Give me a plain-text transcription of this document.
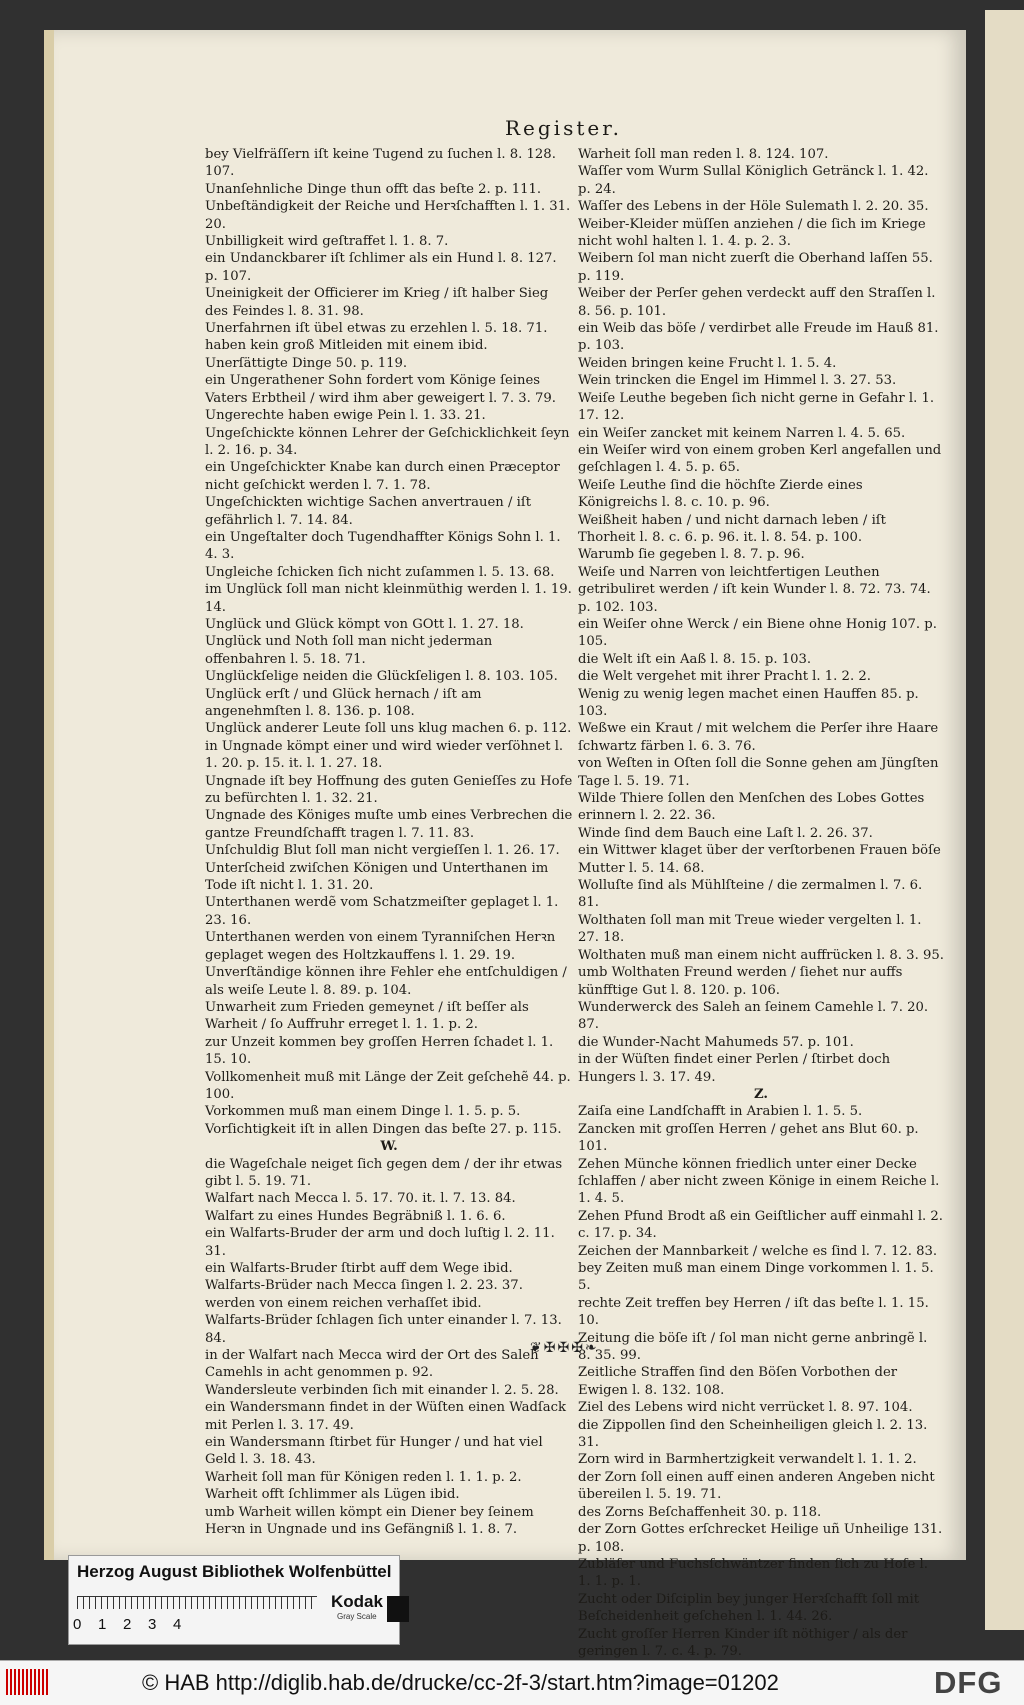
Register.
bey Vielfräſſern iſt keine Tugend zu ſuchen l. 8. 128. 107.
Unanſehnliche Dinge thun offt das beſte 2. p. 111.
Unbeſtändigkeit der Reiche und Herꝛſchafften l. 1. 31. 20.
Unbilligkeit wird geſtraffet l. 1. 8. 7.
ein Undanckbarer iſt ſchlimer als ein Hund l. 8. 127. p. 107.
Uneinigkeit der Officierer im Krieg / iſt halber Sieg des Feindes l. 8. 31. 98.
Unerfahrnen iſt übel etwas zu erzehlen l. 5. 18. 71.
haben kein groß Mitleiden mit einem ibid.
Unerſättigte Dinge 50. p. 119.
ein Ungerathener Sohn fordert vom Könige ſeines Vaters Erbtheil / wird ihm aber geweigert l. 7. 3. 79.
Ungerechte haben ewige Pein l. 1. 33. 21.
Ungeſchickte können Lehrer der Geſchicklichkeit ſeyn l. 2. 16. p. 34.
ein Ungeſchickter Knabe kan durch einen Præceptor nicht geſchickt werden l. 7. 1. 78.
Ungeſchickten wichtige Sachen anvertrauen / iſt gefährlich l. 7. 14. 84.
ein Ungeſtalter doch Tugendhaffter Königs Sohn l. 1. 4. 3.
Ungleiche ſchicken ſich nicht zuſammen l. 5. 13. 68.
im Unglück ſoll man nicht kleinmüthig werden l. 1. 19. 14.
Unglück und Glück kömpt von GOtt l. 1. 27. 18.
Unglück und Noth ſoll man nicht jederman offenbahren l. 5. 18. 71.
Unglückſelige neiden die Glückſeligen l. 8. 103. 105.
Unglück erſt / und Glück hernach / iſt am angenehmſten l. 8. 136. p. 108.
Unglück anderer Leute ſoll uns klug machen 6. p. 112.
in Ungnade kömpt einer und wird wieder verſöhnet l. 1. 20. p. 15. it. l. 1. 27. 18.
Ungnade iſt bey Hoffnung des guten Genieſſes zu Hofe zu befürchten l. 1. 32. 21.
Ungnade des Königes muſte umb eines Verbrechen die gantze Freundſchafft tragen l. 7. 11. 83.
Unſchuldig Blut ſoll man nicht vergieſſen l. 1. 26. 17.
Unterſcheid zwiſchen Königen und Unterthanen im Tode iſt nicht l. 1. 31. 20.
Unterthanen werdẽ vom Schatzmeiſter geplaget l. 1. 23. 16.
Unterthanen werden von einem Tyranniſchen Herꝛn geplaget wegen des Holtzkauffens l. 1. 29. 19.
Unverſtändige können ihre Fehler ehe entſchuldigen / als weiſe Leute l. 8. 89. p. 104.
Unwarheit zum Frieden gemeynet / iſt beſſer als Warheit / ſo Auffruhr erreget l. 1. 1. p. 2.
zur Unzeit kommen bey groſſen Herren ſchadet l. 1. 15. 10.
Vollkomenheit muß mit Länge der Zeit geſchehẽ 44. p. 100.
Vorkommen muß man einem Dinge l. 1. 5. p. 5.
Vorſichtigkeit iſt in allen Dingen das beſte 27. p. 115.
W.
die Wageſchale neiget ſich gegen dem / der ihr etwas gibt l. 5. 19. 71.
Walfart nach Mecca l. 5. 17. 70. it. l. 7. 13. 84.
Walfart zu eines Hundes Begräbniß l. 1. 6. 6.
ein Walfarts-Bruder der arm und doch luſtig l. 2. 11. 31.
ein Walfarts-Bruder ſtirbt auff dem Wege ibid.
Walfarts-Brüder nach Mecca ſingen l. 2. 23. 37.
werden von einem reichen verhaſſet ibid.
Walfarts-Brüder ſchlagen ſich unter einander l. 7. 13. 84.
in der Walfart nach Mecca wird der Ort des Saleh Camehls in acht genommen p. 92.
Wandersleute verbinden ſich mit einander l. 2. 5. 28.
ein Wandersmann findet in der Wüſten einen Wadſack mit Perlen l. 3. 17. 49.
ein Wandersmann ſtirbet für Hunger / und hat viel Geld l. 3. 18. 43.
Warheit ſoll man für Königen reden l. 1. 1. p. 2.
Warheit offt ſchlimmer als Lügen ibid.
umb Warheit willen kömpt ein Diener bey ſeinem Herꝛn in Ungnade und ins Gefängniß l. 1. 8. 7.
Warheit ſoll man reden l. 8. 124. 107.
Waſſer vom Wurm Sullal Königlich Getränck l. 1. 42. p. 24.
Waſſer des Lebens in der Höle Sulemath l. 2. 20. 35.
Weiber-Kleider müſſen anziehen / die ſich im Kriege nicht wohl halten l. 1. 4. p. 2. 3.
Weibern ſol man nicht zuerſt die Oberhand laſſen 55. p. 119.
Weiber der Perſer gehen verdeckt auff den Straſſen l. 8. 56. p. 101.
ein Weib das böſe / verdirbet alle Freude im Hauß 81. p. 103.
Weiden bringen keine Frucht l. 1. 5. 4.
Wein trincken die Engel im Himmel l. 3. 27. 53.
Weiſe Leuthe begeben ſich nicht gerne in Gefahr l. 1. 17. 12.
ein Weiſer zancket mit keinem Narren l. 4. 5. 65.
ein Weiſer wird von einem groben Kerl angefallen und geſchlagen l. 4. 5. p. 65.
Weiſe Leuthe ſind die höchſte Zierde eines Königreichs l. 8. c. 10. p. 96.
Weißheit haben / und nicht darnach leben / iſt Thorheit l. 8. c. 6. p. 96. it. l. 8. 54. p. 100.
Warumb ſie gegeben l. 8. 7. p. 96.
Weiſe und Narren von leichtfertigen Leuthen getribuliret werden / iſt kein Wunder l. 8. 72. 73. 74. p. 102. 103.
ein Weiſer ohne Werck / ein Biene ohne Honig 107. p. 105.
die Welt iſt ein Aaß l. 8. 15. p. 103.
die Welt vergehet mit ihrer Pracht l. 1. 2. 2.
Wenig zu wenig legen machet einen Hauffen 85. p. 103.
Weßwe ein Kraut / mit welchem die Perſer ihre Haare ſchwartz färben l. 6. 3. 76.
von Weſten in Oſten ſoll die Sonne gehen am Jüngſten Tage l. 5. 19. 71.
Wilde Thiere ſollen den Menſchen des Lobes Gottes erinnern l. 2. 22. 36.
Winde ſind dem Bauch eine Laſt l. 2. 26. 37.
ein Wittwer klaget über der verſtorbenen Frauen böſe Mutter l. 5. 14. 68.
Wolluſte ſind als Mühlſteine / die zermalmen l. 7. 6. 81.
Wolthaten ſoll man mit Treue wieder vergelten l. 1. 27. 18.
Wolthaten muß man einem nicht auffrücken l. 8. 3. 95.
umb Wolthaten Freund werden / ſiehet nur auffs künfftige Gut l. 8. 120. p. 106.
Wunderwerck des Saleh an ſeinem Camehle l. 7. 20. 87.
die Wunder-Nacht Mahumeds 57. p. 101.
in der Wüſten findet einer Perlen / ſtirbet doch Hungers l. 3. 17. 49.
Z.
Zaiſa eine Landſchafft in Arabien l. 1. 5. 5.
Zancken mit groſſen Herren / gehet ans Blut 60. p. 101.
Zehen Münche können friedlich unter einer Decke ſchlaffen / aber nicht zween Könige in einem Reiche l. 1. 4. 5.
Zehen Pfund Brodt aß ein Geiſtlicher auff einmahl l. 2. c. 17. p. 34.
Zeichen der Mannbarkeit / welche es ſind l. 7. 12. 83.
bey Zeiten muß man einem Dinge vorkommen l. 1. 5. 5.
rechte Zeit treffen bey Herren / iſt das beſte l. 1. 15. 10.
Zeitung die böſe iſt / ſol man nicht gerne anbringẽ l. 8. 35. 99.
Zeitliche Straffen ſind den Böſen Vorbothen der Ewigen l. 8. 132. 108.
Ziel des Lebens wird nicht verrücket l. 8. 97. 104.
die Zippollen ſind den Scheinheiligen gleich l. 2. 13. 31.
Zorn wird in Barmhertzigkeit verwandelt l. 1. 1. 2.
der Zorn ſoll einen auff einen anderen Angeben nicht übereilen l. 5. 19. 71.
des Zorns Beſchaffenheit 30. p. 118.
der Zorn Gottes erſchrecket Heilige uñ Unheilige 131. p. 108.
Zubläſer und Fuchsſchwäntzer finden ſich zu Hoſe l. 1. 1. p. 1.
Zucht oder Diſciplin bey junger Herꝛſchafft ſoll mit Beſcheidenheit geſchehen l. 1. 44. 26.
Zucht groſſer Herren Kinder iſt nöthiger / als der geringen l. 7. c. 4. p. 79.
❦✠✠✠❧
Herzog August Bibliothek Wolfenbüttel
0    1    2    3    4
Kodak
Gray Scale
© HAB http://diglib.hab.de/drucke/cc-2f-3/start.htm?image=01202	DFG
